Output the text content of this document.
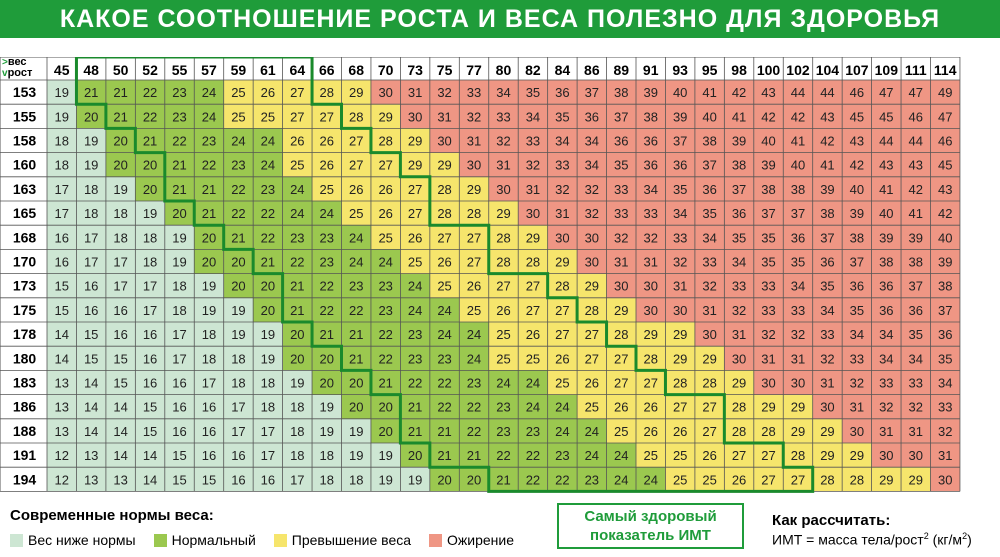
КАКОЕ СООТНОШЕНИЕ РОСТА И ВЕСА ПОЛЕЗНО ДЛЯ ЗДОРОВЬЯ
45 48 50 52 55 57 59 61 64 66 68 70 73 75 77 80 82 84 86 89 91 93 95 98 100 102 104 107 109 111 114
153 19 21 21 22 23 24 25 26 27 28 29 30 31 32 33 34 35 36 37 38 39 40 41 42 43 44 44 46 47 47 49
155 19 20 21 22 23 24 25 25 27 27 28 29 30 31 32 33 34 35 36 37 38 39 40 41 42 42 43 45 45 46 47
158 18 19 20 21 22 23 24 24 26 26 27 28 29 30 31 32 33 34 34 36 36 37 38 39 40 41 42 43 44 44 46
160 18 19 20 20 21 22 23 24 25 26 27 27 29 29 30 31 32 33 34 35 36 36 37 38 39 40 41 42 43 43 45
163 17 18 19 20 21 21 22 23 24 25 26 26 27 28 29 30 31 32 32 33 34 35 36 37 38 38 39 40 41 42 43
165 17 18 18 19 20 21 22 22 24 24 25 26 27 28 28 29 30 31 32 33 33 34 35 36 37 37 38 39 40 41 42
168 16 17 18 18 19 20 21 22 23 23 24 25 26 27 27 28 29 30 30 32 32 33 34 35 35 36 37 38 39 39 40
170 16 17 17 18 19 20 20 21 22 23 24 24 25 26 27 28 28 29 30 31 31 32 33 34 35 35 36 37 38 38 39
173 15 16 17 17 18 19 20 20 21 22 23 23 24 25 26 27 27 28 29 30 30 31 32 33 33 34 35 36 36 37 38
175 15 16 16 17 18 19 19 20 21 22 22 23 24 24 25 26 27 27 28 29 30 30 31 32 33 33 34 35 36 36 37
178 14 15 16 16 17 18 19 19 20 21 21 22 23 24 24 25 26 27 27 28 29 29 30 31 32 32 33 34 34 35 36
180 14 15 15 16 17 18 18 19 20 20 21 22 23 23 24 25 25 26 27 27 28 29 29 30 31 31 32 33 34 34 35
183 13 14 15 16 16 17 18 18 19 20 20 21 22 22 23 24 24 25 26 27 27 28 28 29 30 30 31 32 33 33 34
186 13 14 14 15 16 16 17 18 18 19 20 20 21 22 22 23 24 24 25 26 26 27 27 28 29 29 30 31 32 32 33
188 13 14 14 15 16 16 17 17 18 19 19 20 21 21 22 23 23 24 24 25 26 26 27 28 28 29 29 30 31 31 32
191 12 13 14 14 15 16 16 17 18 18 19 19 20 21 21 22 22 23 24 24 25 25 26 27 27 28 29 29 30 30 31
194 12 13 13 14 15 15 16 16 17 18 18 19 19 20 20 21 22 22 23 24 24 25 25 26 27 27 28 28 29 29 30
>вес
vрост
Современные нормы веса:
Вес ниже нормы	Нормальный	Превышение веса	Ожирение
Самый здоровый
показатель ИМТ
Как рассчитать:
ИМТ = масса тела/рост$^2$ $(кг/м^2)$
